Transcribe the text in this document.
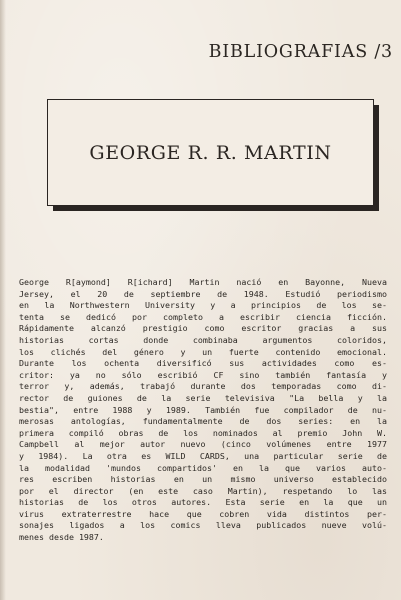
BIBLIOGRAFIAS /3
GEORGE R. R. MARTIN
George R[aymond] R[ichard] Martin nació en Bayonne, Nueva
Jersey, el 20 de septiembre de 1948. Estudió periodismo
en la Northwestern University y a principios de los se-
tenta se dedicó por completo a escribir ciencia ficción.
Rápidamente alcanzó prestigio como escritor gracias a sus
historias cortas donde combinaba argumentos coloridos,
los clichés del género y un fuerte contenido emocional.
Durante los ochenta diversificó sus actividades como es-
critor: ya no sólo escribió CF sino también fantasía y
terror y, además, trabajó durante dos temporadas como di-
rector de guiones de la serie televisiva "La bella y la
bestia", entre 1988 y 1989. También fue compilador de nu-
merosas antologías, fundamentalmente de dos series: en la
primera compiló obras de los nominados al premio John W.
Campbell al mejor autor nuevo (cinco volúmenes entre 1977
y 1984). La otra es WILD CARDS, una particular serie de
la modalidad 'mundos compartidos' en la que varios auto-
res escriben historias en un mismo universo establecido
por el director (en este caso Martin), respetando lo las
historias de los otros autores. Esta serie en la que un
virus extraterrestre hace que cobren vida distintos per-
sonajes ligados a los comics lleva publicados nueve volú-
menes desde 1987.
